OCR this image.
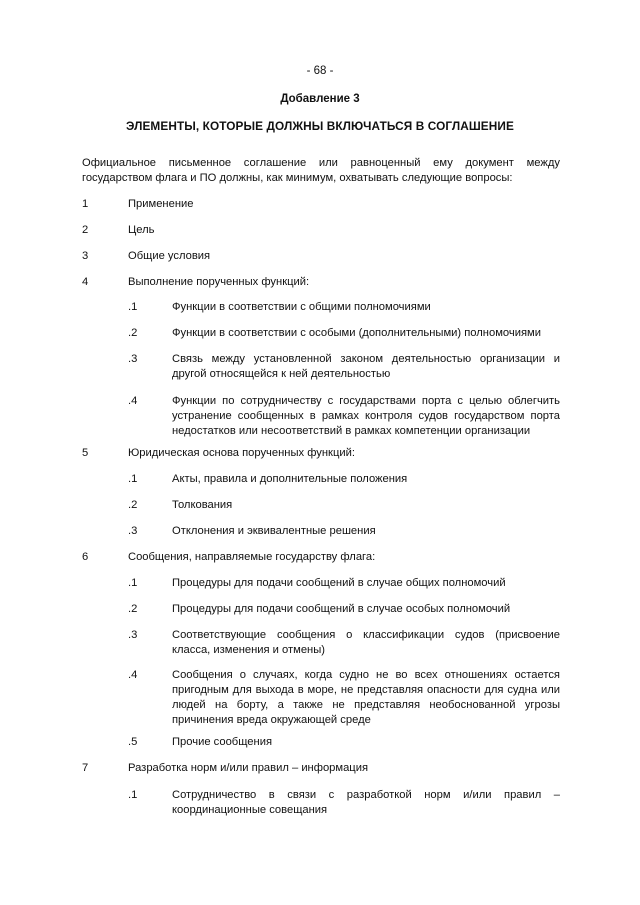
- 68 -
Добавление 3
ЭЛЕМЕНТЫ, КОТОРЫЕ ДОЛЖНЫ ВКЛЮЧАТЬСЯ В СОГЛАШЕНИЕ
Официальное письменное соглашение или равноценный ему документ между государством флага и ПО должны, как минимум, охватывать следующие вопросы:
1	Применение
2	Цель
3	Общие условия
4	Выполнение порученных функций:
.1	Функции в соответствии с общими полномочиями
.2	Функции в соответствии с особыми (дополнительными) полномочиями
.3	Связь между установленной законом деятельностью организации и другой относящейся к ней деятельностью
.4	Функции по сотрудничеству с государствами порта с целью облегчить устранение сообщенных в рамках контроля судов государством порта недостатков или несоответствий в рамках компетенции организации
5	Юридическая основа порученных функций:
.1	Акты, правила и дополнительные положения
.2	Толкования
.3	Отклонения и эквивалентные решения
6	Сообщения, направляемые государству флага:
.1	Процедуры для подачи сообщений в случае общих полномочий
.2	Процедуры для подачи сообщений в случае особых полномочий
.3	Соответствующие сообщения о классификации судов (присвоение класса, изменения и отмены)
.4	Сообщения о случаях, когда судно не во всех отношениях остается пригодным для выхода в море, не представляя опасности для судна или людей на борту, а также не представляя необоснованной угрозы причинения вреда окружающей среде
.5	Прочие сообщения
7	Разработка норм и/или правил – информация
.1	Сотрудничество в связи с разработкой норм и/или правил – координационные совещания
